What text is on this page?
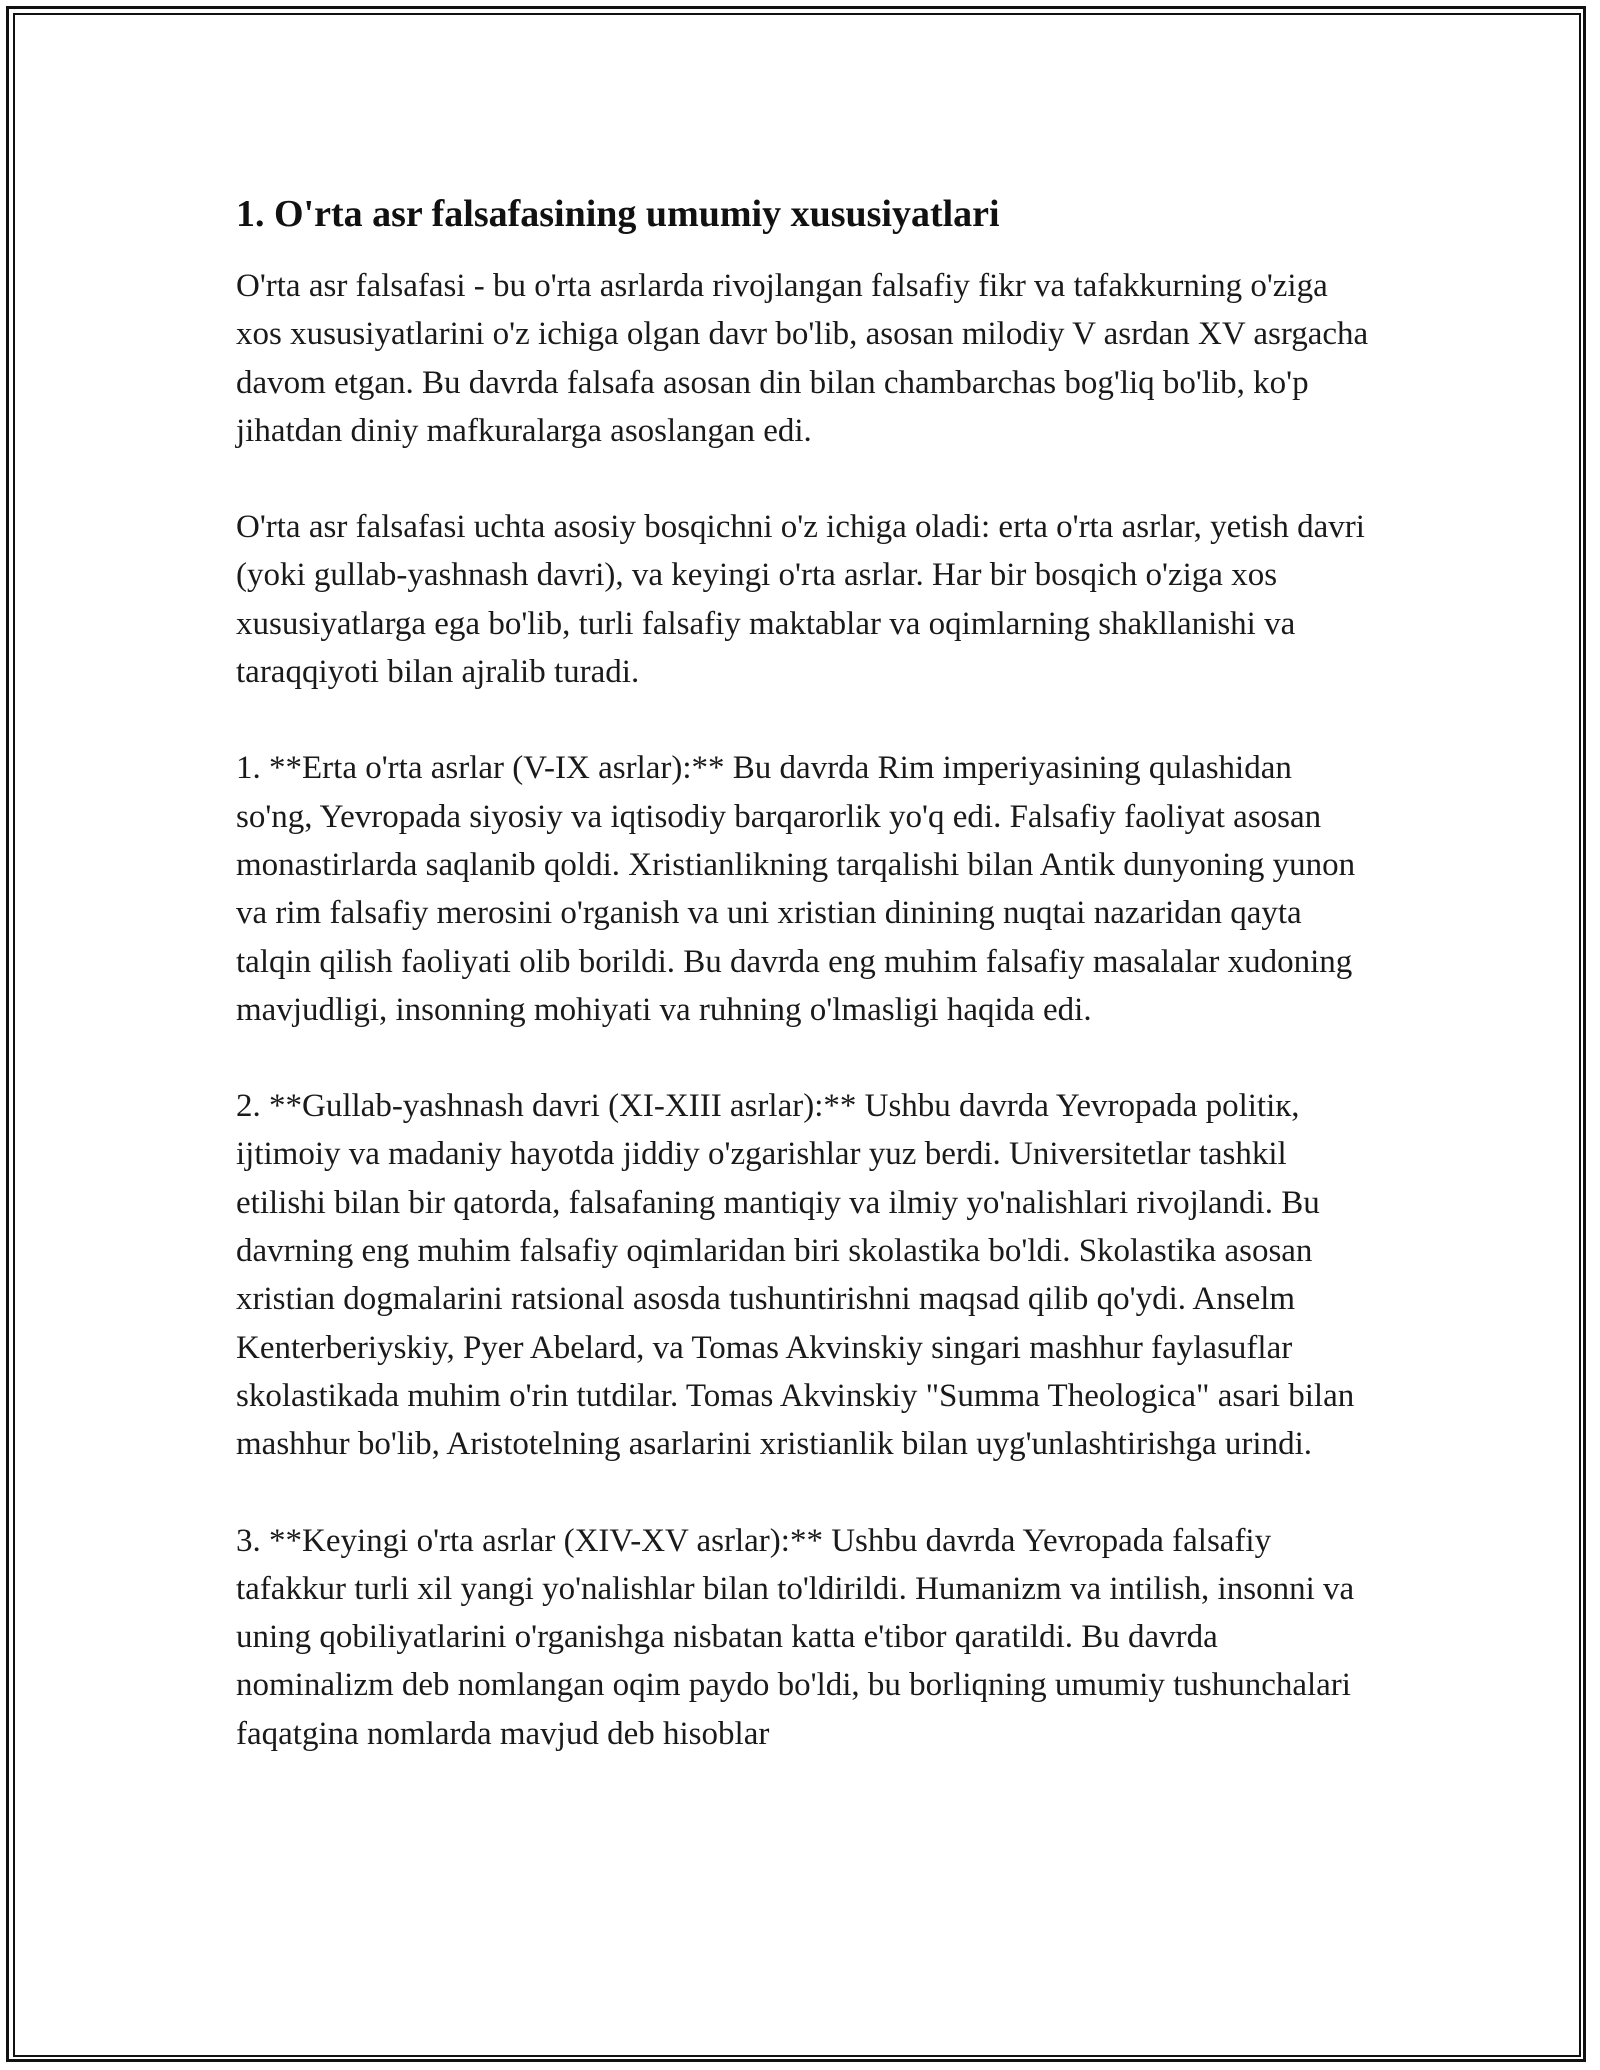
1. O'rta asr falsafasining umumiy xususiyatlari

O'rta asr falsafasi - bu o'rta asrlarda rivojlangan falsafiy fikr va tafakkurning o'ziga xos xususiyatlarini o'z ichiga olgan davr bo'lib, asosan milodiy V asrdan XV asrgacha davom etgan. Bu davrda falsafa asosan din bilan chambarchas bog'liq bo'lib, ko'p jihatdan diniy mafkuralarga asoslangan edi.

O'rta asr falsafasi uchta asosiy bosqichni o'z ichiga oladi: erta o'rta asrlar, yetish davri (yoki gullab-yashnash davri), va keyingi o'rta asrlar. Har bir bosqich o'ziga xos xususiyatlarga ega bo'lib, turli falsafiy maktablar va oqimlarning shakllanishi va taraqqiyoti bilan ajralib turadi.

1. **Erta o'rta asrlar (V-IX asrlar):** Bu davrda Rim imperiyasining qulashidan so'ng, Yevropada siyosiy va iqtisodiy barqarorlik yo'q edi. Falsafiy faoliyat asosan monastirlarda saqlanib qoldi. Xristianlikning tarqalishi bilan Antik dunyoning yunon va rim falsafiy merosini o'rganish va uni xristian dinining nuqtai nazaridan qayta talqin qilish faoliyati olib borildi. Bu davrda eng muhim falsafiy masalalar xudoning mavjudligi, insonning mohiyati va ruhning o'lmasligi haqida edi.

2. **Gullab-yashnash davri (XI-XIII asrlar):** Ushbu davrda Yevropada politiк, ijtimoiy va madaniy hayotda jiddiy o'zgarishlar yuz berdi. Universitetlar tashkil etilishi bilan bir qatorda, falsafaning mantiqiy va ilmiy yo'nalishlari rivojlandi. Bu davrning eng muhim falsafiy oqimlaridan biri skolastika bo'ldi. Skolastika asosan xristian dogmalarini ratsional asosda tushuntirishni maqsad qilib qo'ydi. Anselm Kenterberiyskiy, Pyer Abelard, va Tomas Akvinskiy singari mashhur faylasuflar skolastikada muhim o'rin tutdilar. Tomas Akvinskiy "Summa Theologica" asari bilan mashhur bo'lib, Aristotelning asarlarini xristianlik bilan uyg'unlashtirishga urindi.

3. **Keyingi o'rta asrlar (XIV-XV asrlar):** Ushbu davrda Yevropada falsafiy tafakkur turli xil yangi yo'nalishlar bilan to'ldirildi. Humanizm va intilish, insonni va uning qobiliyatlarini o'rganishga nisbatan katta e'tibor qaratildi. Bu davrda nominalizm deb nomlangan oqim paydo bo'ldi, bu borliqning umumiy tushunchalari faqatgina nomlarda mavjud deb hisoblar
